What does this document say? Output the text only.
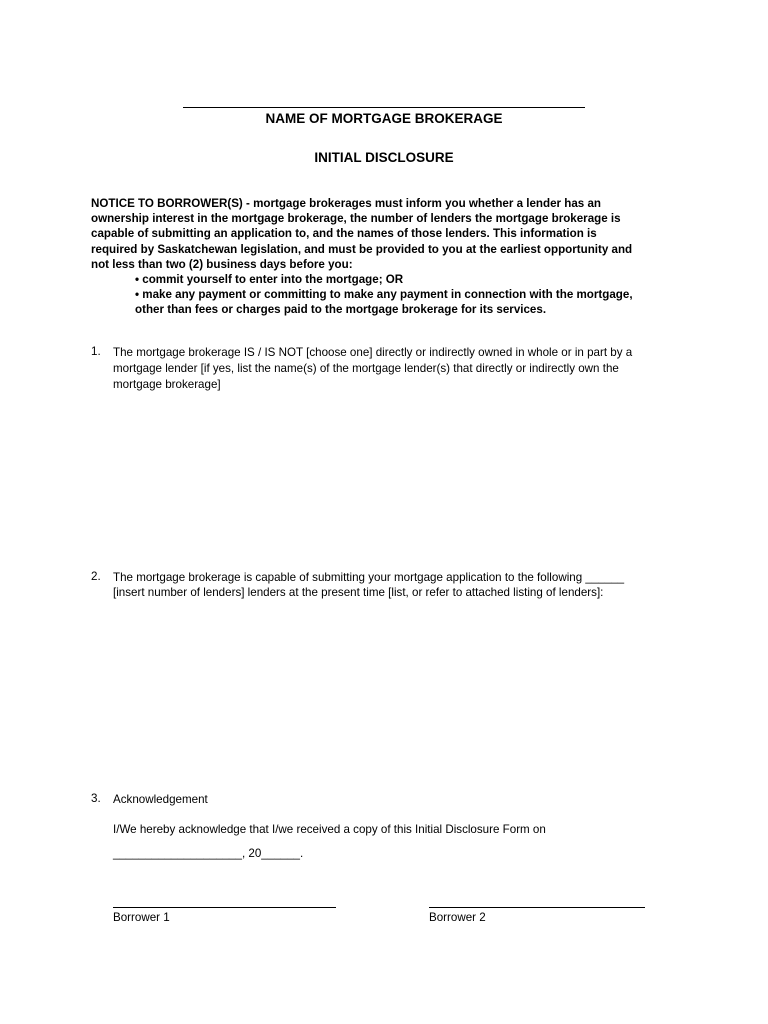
NAME OF MORTGAGE BROKERAGE
INITIAL DISCLOSURE
NOTICE TO BORROWER(S) - mortgage brokerages must inform you whether a lender has an
ownership interest in the mortgage brokerage, the number of lenders the mortgage brokerage is
capable of submitting an application to, and the names of those lenders. This information is
required by Saskatchewan legislation, and must be provided to you at the earliest opportunity and
not less than two (2) business days before you:
• commit yourself to enter into the mortgage; OR
• make any payment or committing to make any payment in connection with the mortgage,
other than fees or charges paid to the mortgage brokerage for its services.
1. The mortgage brokerage IS / IS NOT [choose one] directly or indirectly owned in whole or in part by a
mortgage lender [if yes, list the name(s) of the mortgage lender(s) that directly or indirectly own the
mortgage brokerage]
2. The mortgage brokerage is capable of submitting your mortgage application to the following ______
[insert number of lenders] lenders at the present time [list, or refer to attached listing of lenders]:
3. Acknowledgement
I/We hereby acknowledge that I/we received a copy of this Initial Disclosure Form on
____________________, 20______.
Borrower 1	Borrower 2
